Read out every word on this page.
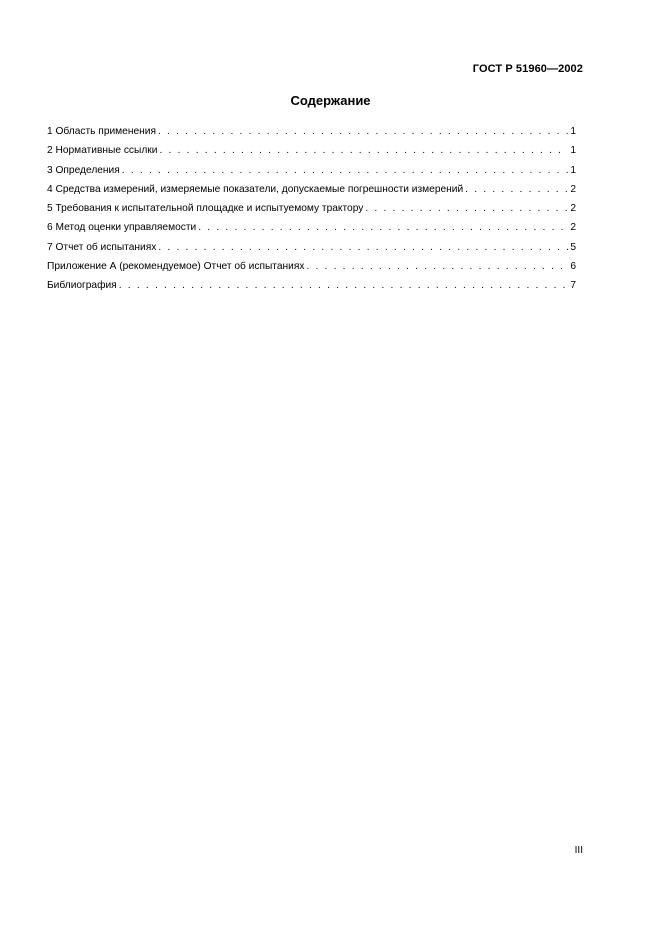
ГОСТ Р 51960—2002
Содержание
1 Область применения . . .	1
2 Нормативные ссылки . . .	1
3 Определения . . .	1
4 Средства измерений, измеряемые показатели, допускаемые погрешности измерений . . .	2
5 Требования к испытательной площадке и испытуемому трактору . . .	2
6 Метод оценки управляемости . . .	2
7 Отчет об испытаниях . . .	5
Приложение А (рекомендуемое) Отчет об испытаниях . . .	6
Библиография . . .	7
III
